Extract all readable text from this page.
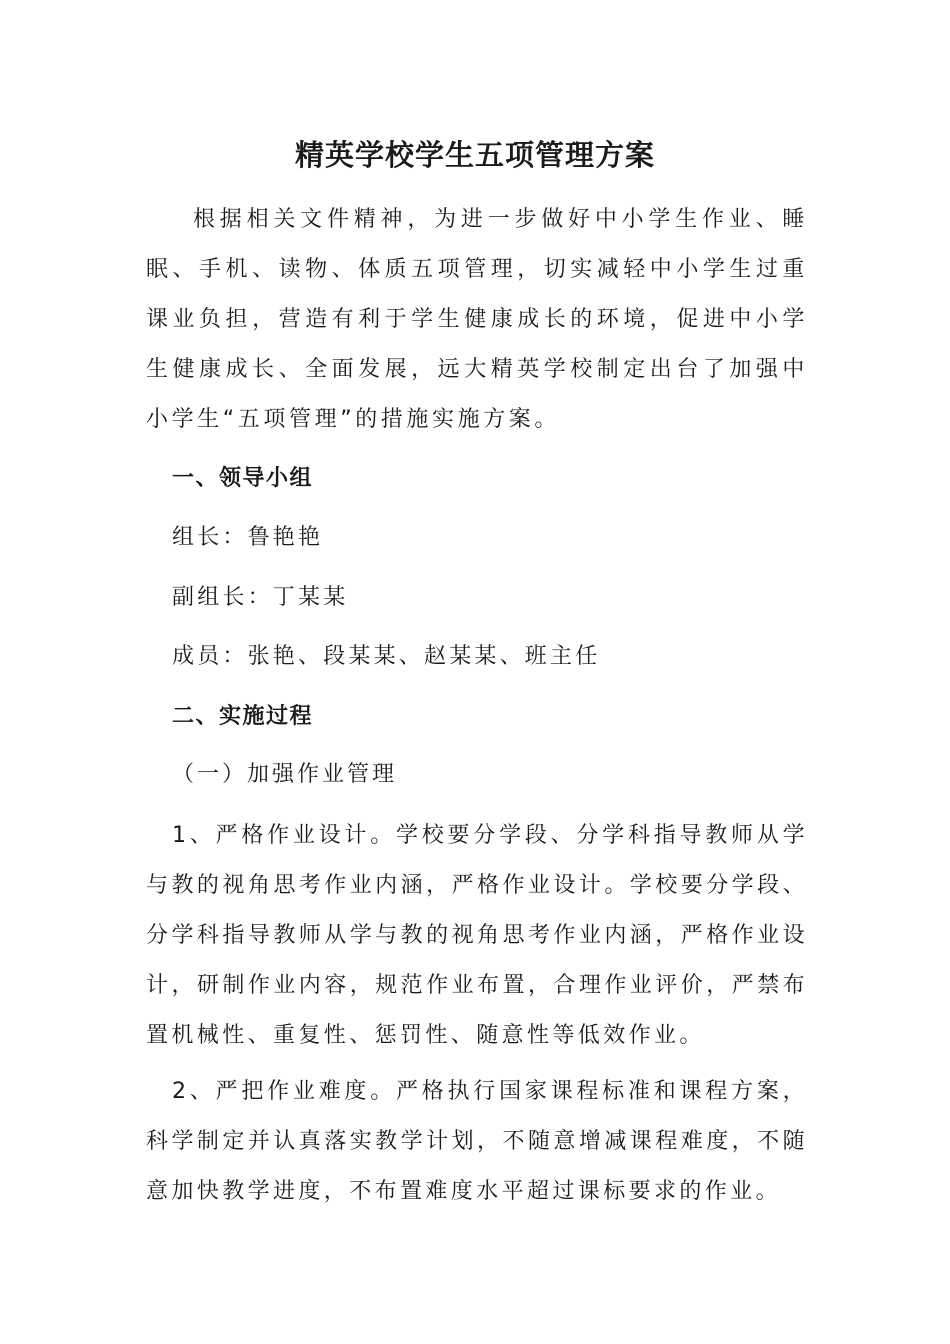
精英学校学生五项管理方案

根据相关文件精神，为进一步做好中小学生作业、睡眠、手机、读物、体质五项管理，切实减轻中小学生过重课业负担，营造有利于学生健康成长的环境，促进中小学生健康成长、全面发展，远大精英学校制定出台了加强中小学生“五项管理”的措施实施方案。

一、领导小组

组长：鲁艳艳

副组长：丁某某

成员：张艳、段某某、赵某某、班主任

二、实施过程

（一）加强作业管理

1、严格作业设计。学校要分学段、分学科指导教师从学与教的视角思考作业内涵，严格作业设计。学校要分学段、分学科指导教师从学与教的视角思考作业内涵，严格作业设计，研制作业内容，规范作业布置，合理作业评价，严禁布置机械性、重复性、惩罚性、随意性等低效作业。

2、严把作业难度。严格执行国家课程标准和课程方案，科学制定并认真落实教学计划，不随意增减课程难度，不随意加快教学进度，不布置难度水平超过课标要求的作业。
